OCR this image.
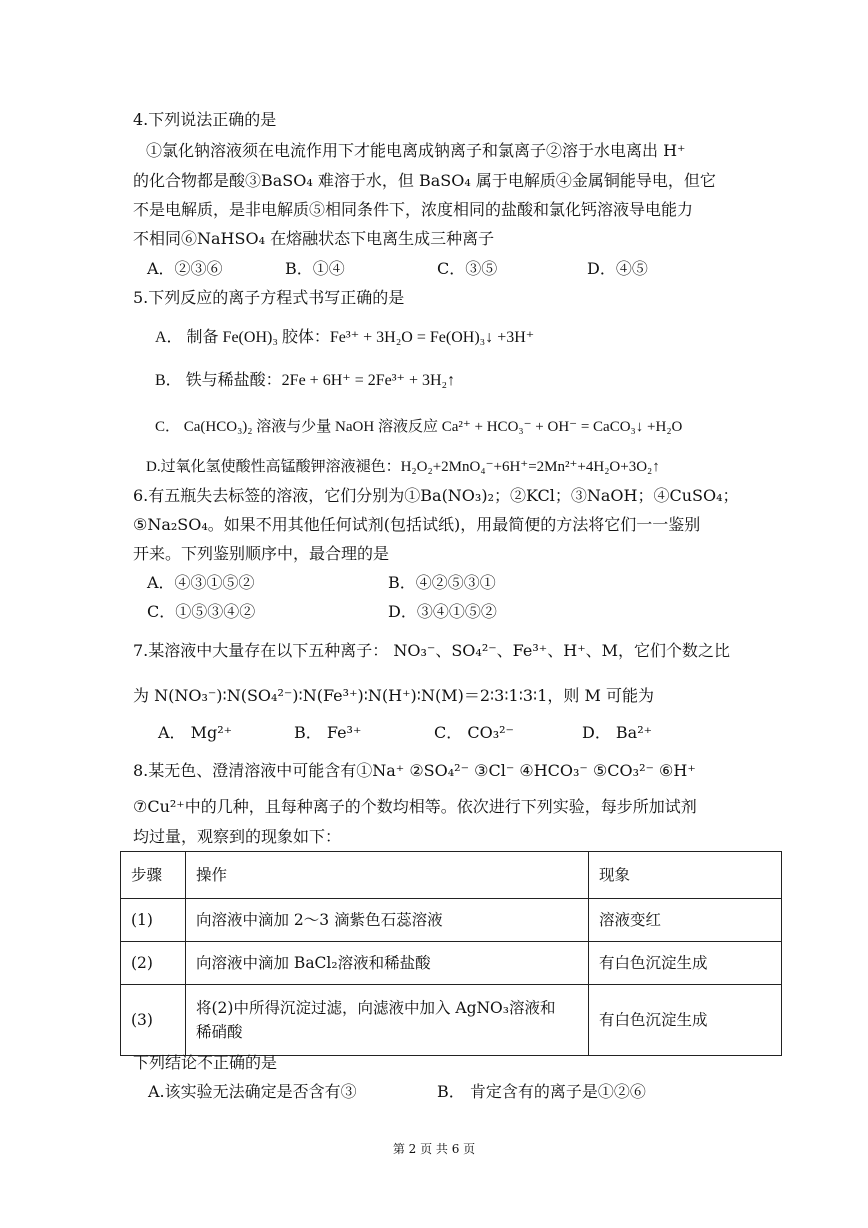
4.下列说法正确的是
①氯化钠溶液须在电流作用下才能电离成钠离子和氯离子②溶于水电离出 H⁺
的化合物都是酸③BaSO₄ 难溶于水，但 BaSO₄ 属于电解质④金属铜能导电，但它
不是电解质，是非电解质⑤相同条件下，浓度相同的盐酸和氯化钙溶液导电能力
不相同⑥NaHSO₄ 在熔融状态下电离生成三种离子
A．②③⑥	B．①④	C．③⑤	D．④⑤
5.下列反应的离子方程式书写正确的是
A． 制备 Fe(OH)₃ 胶体：Fe³⁺ + 3H₂O = Fe(OH)₃↓ +3H⁺
B． 铁与稀盐酸：2Fe + 6H⁺ = 2Fe³⁺ + 3H₂↑
C． Ca(HCO₃)₂ 溶液与少量 NaOH 溶液反应 Ca²⁺ + HCO₃⁻ + OH⁻ = CaCO₃↓ +H₂O
D.过氧化氢使酸性高锰酸钾溶液褪色：H₂O₂+2MnO₄⁻+6H⁺=2Mn²⁺+4H₂O+3O₂↑
6.有五瓶失去标签的溶液，它们分别为①Ba(NO₃)₂；②KCl；③NaOH；④CuSO₄；
⑤Na₂SO₄。如果不用其他任何试剂(包括试纸)，用最简便的方法将它们一一鉴别
开来。下列鉴别顺序中，最合理的是
A．④③①⑤②	B．④②⑤③①
C．①⑤③④②	D．③④①⑤②
7.某溶液中大量存在以下五种离子： NO₃⁻、SO₄²⁻、Fe³⁺、H⁺、M，它们个数之比
为 N(NO₃⁻)∶N(SO₄²⁻)∶N(Fe³⁺)∶N(H⁺)∶N(M)＝2∶3∶1∶3∶1，则 M 可能为
A． Mg²⁺	B． Fe³⁺	C． CO₃²⁻	D． Ba²⁺
8.某无色、澄清溶液中可能含有①Na⁺ ②SO₄²⁻ ③Cl⁻ ④HCO₃⁻ ⑤CO₃²⁻ ⑥H⁺
⑦Cu²⁺中的几种，且每种离子的个数均相等。依次进行下列实验，每步所加试剂
均过量，观察到的现象如下：
步骤	操作	现象
(1)	向溶液中滴加 2～3 滴紫色石蕊溶液	溶液变红
(2)	向溶液中滴加 BaCl₂溶液和稀盐酸	有白色沉淀生成
(3)	将(2)中所得沉淀过滤，向滤液中加入 AgNO₃溶液和稀硝酸	有白色沉淀生成
下列结论不正确的是
A.该实验无法确定是否含有③	B． 肯定含有的离子是①②⑥
第 2 页 共 6 页
